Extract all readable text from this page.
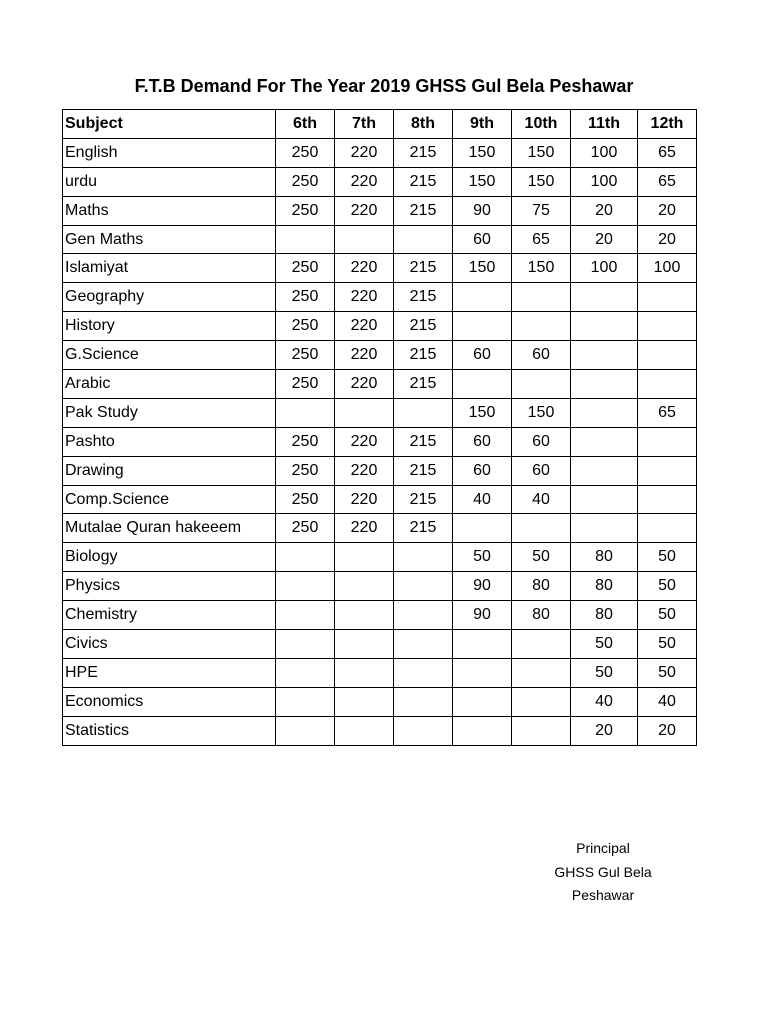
F.T.B Demand For The Year 2019 GHSS Gul Bela Peshawar
Subject	6th	7th	8th	9th	10th	11th	12th
English	250	220	215	150	150	100	65
urdu	250	220	215	150	150	100	65
Maths	250	220	215	90	75	20	20
Gen Maths				60	65	20	20
Islamiyat	250	220	215	150	150	100	100
Geography	250	220	215				
History	250	220	215				
G.Science	250	220	215	60	60		
Arabic	250	220	215				
Pak Study				150	150		65
Pashto	250	220	215	60	60		
Drawing	250	220	215	60	60		
Comp.Science	250	220	215	40	40		
Mutalae Quran hakeeem	250	220	215				
Biology				50	50	80	50
Physics				90	80	80	50
Chemistry				90	80	80	50
Civics						50	50
HPE						50	50
Economics						40	40
Statistics						20	20
Principal
GHSS Gul Bela
Peshawar
